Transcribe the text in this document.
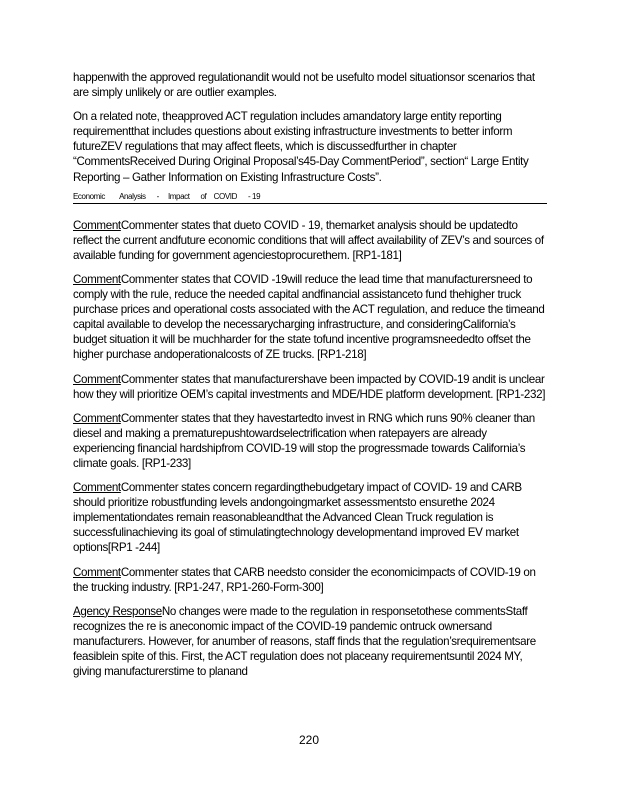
happenwith the approved regulationandit would not be usefulto model situationsor scenarios that are simply unlikely or are outlier examples.

On a related note, theapproved ACT regulation includes amandatory large entity reporting requirementthat includes questions about existing infrastructure investments to better inform futureZEV regulations that may affect fleets, which is discussedfurther in chapter “CommentsReceived During Original Proposal’s45-Day CommentPeriod”, section“ Large Entity Reporting – Gather Information on Existing Infrastructure Costs”.

Economic        Analysis      -     Impact      of    COVID      - 19

CommentCommenter states that dueto COVID - 19, themarket analysis should be updatedto reflect the current andfuture economic conditions that will affect availability of ZEV’s and sources of available funding for government agenciestoprocurethem. [RP1-181]

CommentCommenter states that COVID -19will reduce the lead time that manufacturersneed to comply with the rule, reduce the needed capital andfinancial assistanceto fund thehigher truck purchase prices and operational costs associated with the ACT regulation, and reduce the timeand capital available to develop the necessarycharging infrastructure, and consideringCalifornia’s budget situation it will be muchharder for the state tofund incentive programsneededto offset the higher purchase andoperationalcosts of ZE trucks. [RP1-218]

CommentCommenter states that manufacturershave been impacted by COVID-19 andit is unclear how they will prioritize OEM’s capital investments and MDE/HDE platform development. [RP1-232]

CommentCommenter states that they havestartedto invest in RNG which runs 90% cleaner than diesel and making a prematurepushtowardselectrification when ratepayers are already experiencing financial hardshipfrom COVID-19 will stop the progressmade towards California’s climate goals. [RP1-233]

CommentCommenter states concern regardingthebudgetary impact of COVID- 19 and CARB should prioritize robustfunding levels andongoingmarket assessmentsto ensurethe 2024 implementationdates remain reasonableandthat the Advanced Clean Truck regulation is successfulinachieving its goal of stimulatingtechnology developmentand improved EV market options[RP1 -244]

CommentCommenter states that CARB needsto consider the economicimpacts of COVID-19 on the trucking industry. [RP1-247, RP1-260-Form-300]

Agency ResponseNo changes were made to the regulation in responsetothese commentsStaff recognizes the re is aneconomic impact of the COVID-19 pandemic ontruck ownersand manufacturers. However, for anumber of reasons, staff finds that the regulation’srequirementsare feasiblein spite of this. First, the ACT regulation does not placeany requirementsuntil 2024 MY, giving manufacturerstime to planand

220
